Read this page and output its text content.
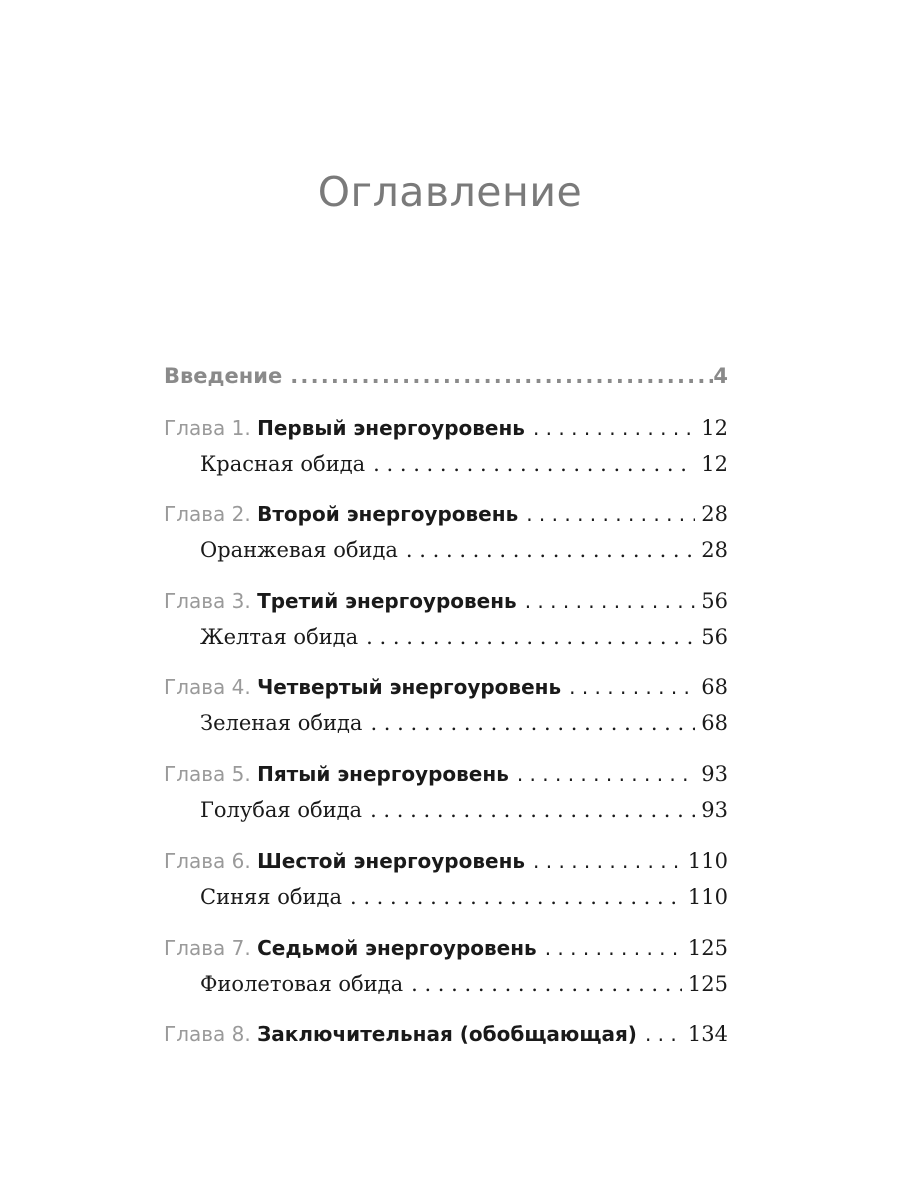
Оглавление
Введение .....	4
Глава 1. Первый энергоуровень . . .	12
Красная обида . . .	12
Глава 2. Второй энергоуровень . . .	28
Оранжевая обида . . .	28
Глава 3. Третий энергоуровень . . .	56
Желтая обида . . .	56
Глава 4. Четвертый энергоуровень . . .	68
Зеленая обида . . .	68
Глава 5. Пятый энергоуровень . . .	93
Голубая обида . . .	93
Глава 6. Шестой энергоуровень . . .	110
Синяя обида . . .	110
Глава 7. Седьмой энергоуровень . . .	125
Фиолетовая обида . . .	125
Глава 8. Заключительная (обобщающая) . . .	134
